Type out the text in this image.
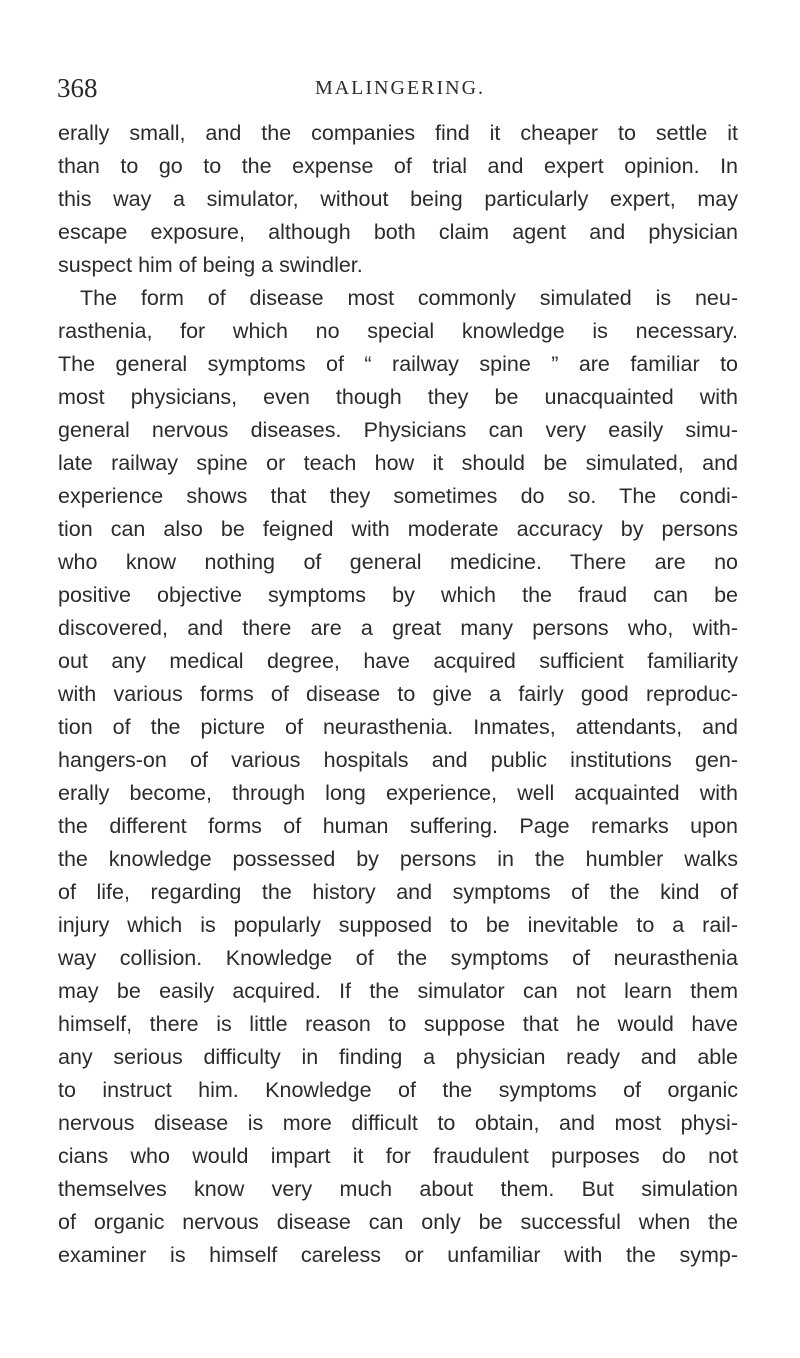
368	MALINGERING.
erally small, and the companies find it cheaper to settle it
than to go to the expense of trial and expert opinion. In
this way a simulator, without being particularly expert, may
escape exposure, although both claim agent and physician
suspect him of being a swindler.
The form of disease most commonly simulated is neu-
rasthenia, for which no special knowledge is necessary.
The general symptoms of “ railway spine ” are familiar to
most physicians, even though they be unacquainted with
general nervous diseases. Physicians can very easily simu-
late railway spine or teach how it should be simulated, and
experience shows that they sometimes do so. The condi-
tion can also be feigned with moderate accuracy by persons
who know nothing of general medicine. There are no
positive objective symptoms by which the fraud can be
discovered, and there are a great many persons who, with-
out any medical degree, have acquired sufficient familiarity
with various forms of disease to give a fairly good reproduc-
tion of the picture of neurasthenia. Inmates, attendants, and
hangers-on of various hospitals and public institutions gen-
erally become, through long experience, well acquainted with
the different forms of human suffering. Page remarks upon
the knowledge possessed by persons in the humbler walks
of life, regarding the history and symptoms of the kind of
injury which is popularly supposed to be inevitable to a rail-
way collision. Knowledge of the symptoms of neurasthenia
may be easily acquired. If the simulator can not learn them
himself, there is little reason to suppose that he would have
any serious difficulty in finding a physician ready and able
to instruct him. Knowledge of the symptoms of organic
nervous disease is more difficult to obtain, and most physi-
cians who would impart it for fraudulent purposes do not
themselves know very much about them. But simulation
of organic nervous disease can only be successful when the
examiner is himself careless or unfamiliar with the symp-
